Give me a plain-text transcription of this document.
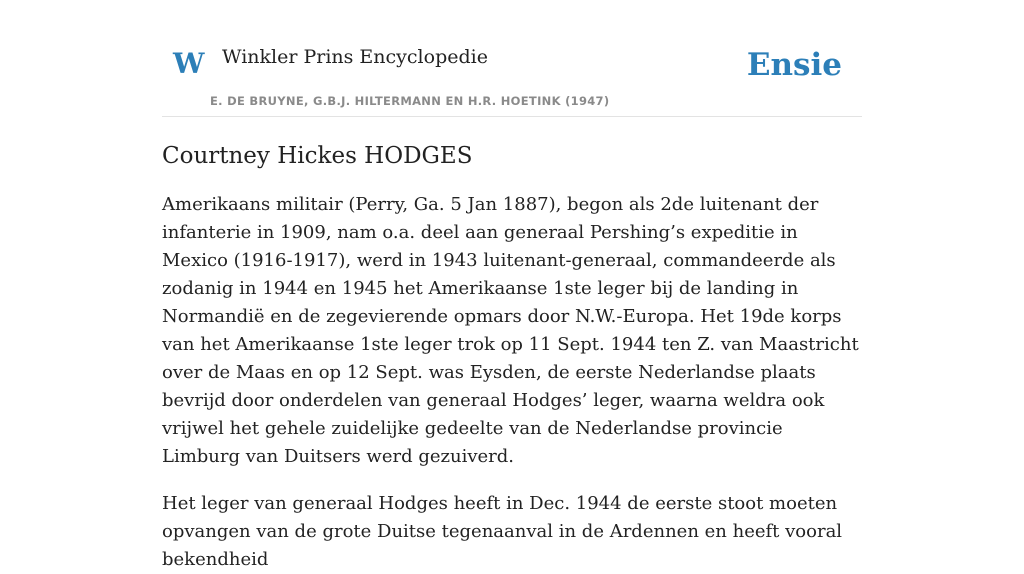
W Winkler Prins Encyclopedie
E. DE BRUYNE, G.B.J. HILTERMANN EN H.R. HOETINK (1947)
Ensie
Courtney Hickes HODGES

Amerikaans militair (Perry, Ga. 5 Jan 1887), begon als 2de luitenant der infanterie in 1909, nam o.a. deel aan generaal Pershing’s expeditie in Mexico (1916-1917), werd in 1943 luitenant-generaal, commandeerde als zodanig in 1944 en 1945 het Amerikaanse 1ste leger bij de landing in Normandië en de zegevierende opmars door N.W.-Europa. Het 19de korps van het Amerikaanse 1ste leger trok op 11 Sept. 1944 ten Z. van Maastricht over de Maas en op 12 Sept. was Eysden, de eerste Nederlandse plaats bevrijd door onderdelen van generaal Hodges’ leger, waarna weldra ook vrijwel het gehele zuidelijke gedeelte van de Nederlandse provincie Limburg van Duitsers werd gezuiverd.

Het leger van generaal Hodges heeft in Dec. 1944 de eerste stoot moeten opvangen van de grote Duitse tegenaanval in de Ardennen en heeft vooral bekendheid
